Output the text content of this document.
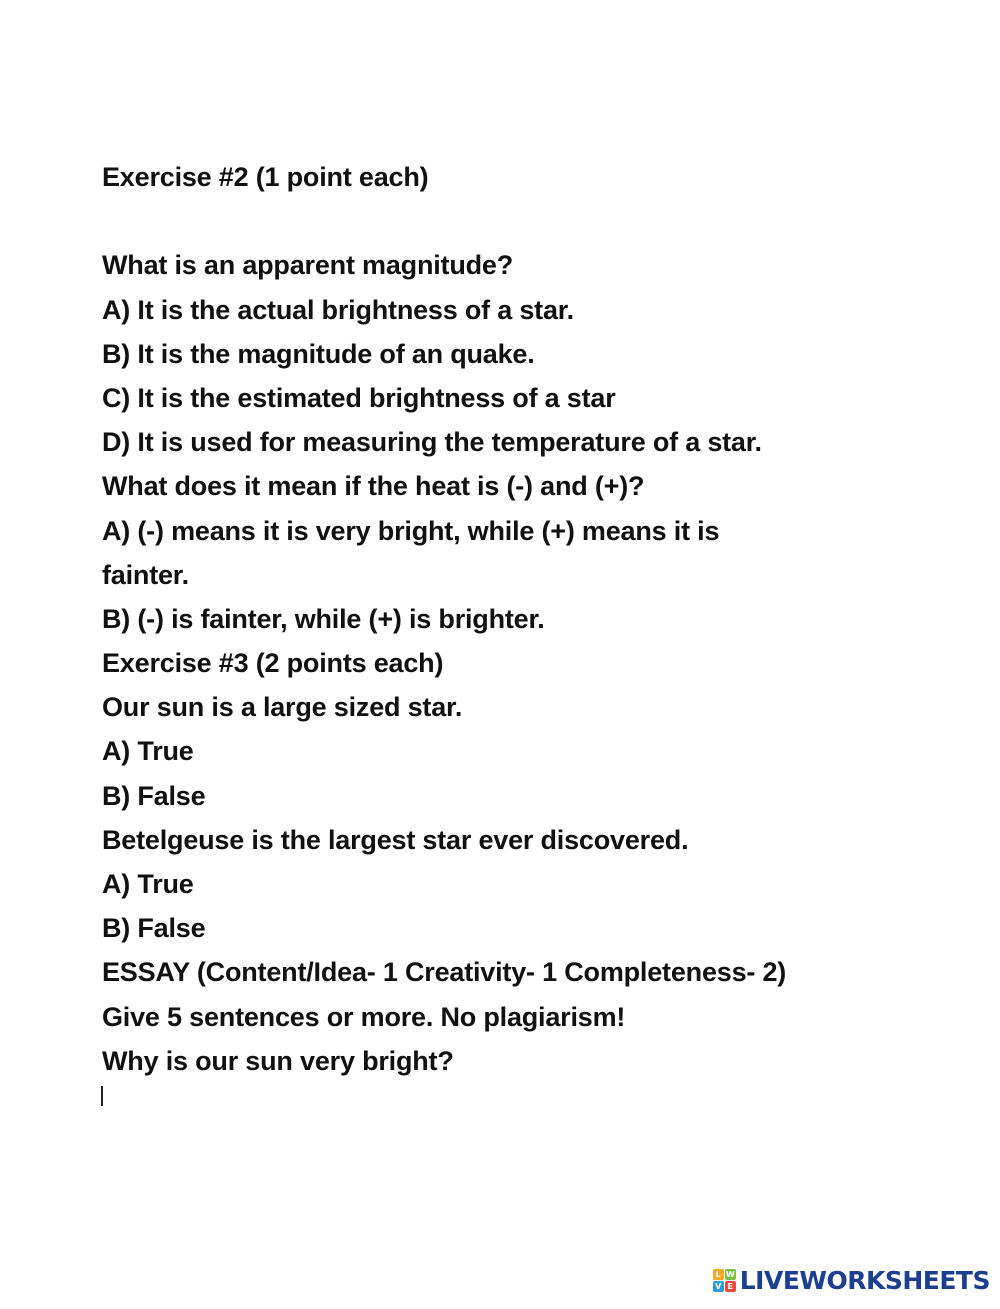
Exercise #2 (1 point each)
What is an apparent magnitude?
A) It is the actual brightness of a star.
B) It is the magnitude of an quake.
C) It is the estimated brightness of a star
D) It is used for measuring the temperature of a star.
What does it mean if the heat is (-) and (+)?
A) (-) means it is very bright, while (+) means it is
fainter.
B) (-) is fainter, while (+) is brighter.
Exercise #3 (2 points each)
Our sun is a large sized star.
A) True
B) False
Betelgeuse is the largest star ever discovered.
A) True
B) False
ESSAY (Content/Idea- 1 Creativity- 1 Completeness- 2)
Give 5 sentences or more. No plagiarism!
Why is our sun very bright?
L W
V E LIVEWORKSHEETS
